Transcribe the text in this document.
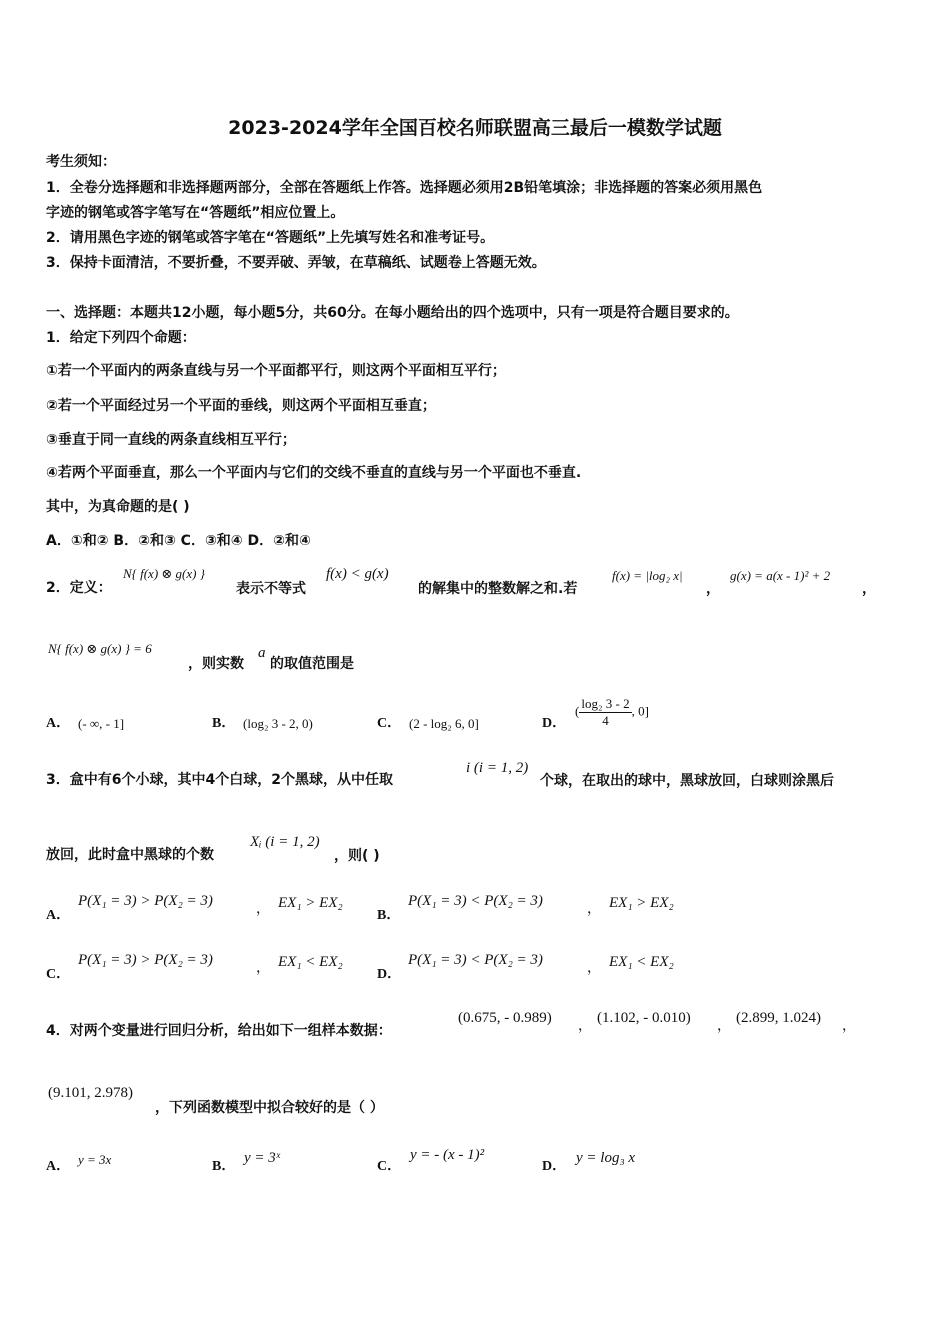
2023-2024学年全国百校名师联盟高三最后一模数学试题
考生须知：
1．全卷分选择题和非选择题两部分，全部在答题纸上作答。选择题必须用2B铅笔填涂；非选择题的答案必须用黑色
字迹的钢笔或答字笔写在“答题纸”相应位置上。
2．请用黑色字迹的钢笔或答字笔在“答题纸”上先填写姓名和准考证号。
3．保持卡面清洁，不要折叠，不要弄破、弄皱，在草稿纸、试题卷上答题无效。
一、选择题：本题共12小题，每小题5分，共60分。在每小题给出的四个选项中，只有一项是符合题目要求的。
1．给定下列四个命题：
①若一个平面内的两条直线与另一个平面都平行，则这两个平面相互平行；
②若一个平面经过另一个平面的垂线，则这两个平面相互垂直；
③垂直于同一直线的两条直线相互平行；
④若两个平面垂直，那么一个平面内与它们的交线不垂直的直线与另一个平面也不垂直.
其中，为真命题的是( )
A．①和② B．②和③ C．③和④ D．②和④
2．定义：
N{ f(x) ⊗ g(x) }
表示不等式
f(x) < g(x)
的解集中的整数解之和.若
f(x) = |log₂ x|
，
g(x) = a(x - 1)² + 2
，
N{ f(x) ⊗ g(x) } = 6
，则实数
a
的取值范围是
A． (- ∞, - 1]	B． (log₂ 3 - 2, 0)	C． (2 - log₂ 6, 0]	D．
( $\frac{\text{log₂ 3 - 2}}{4}$ , 0]
3．盒中有6个小球，其中4个白球，2个黑球，从中任取
i (i = 1, 2)
个球，在取出的球中，黑球放回，白球则涂黑后
放回，此时盒中黑球的个数
Xᵢ (i = 1, 2)
，则( )
A．
P(X₁ = 3) > P(X₂ = 3)	， EX₁ > EX₂
B．
P(X₁ = 3) < P(X₂ = 3)	， EX₁ > EX₂
C．
P(X₁ = 3) > P(X₂ = 3)	， EX₁ < EX₂
D．
P(X₁ = 3) < P(X₂ = 3)	， EX₁ < EX₂
4．对两个变量进行回归分析，给出如下一组样本数据：
(0.675, - 0.989) ， (1.102, - 0.010) ， (2.899, 1.024) ，
(9.101, 2.978)
，下列函数模型中拟合较好的是（ ）
A． y = 3x	B．
y = 3ˣ
C．
y = - (x - 1)²
D．
y = log₃ x
